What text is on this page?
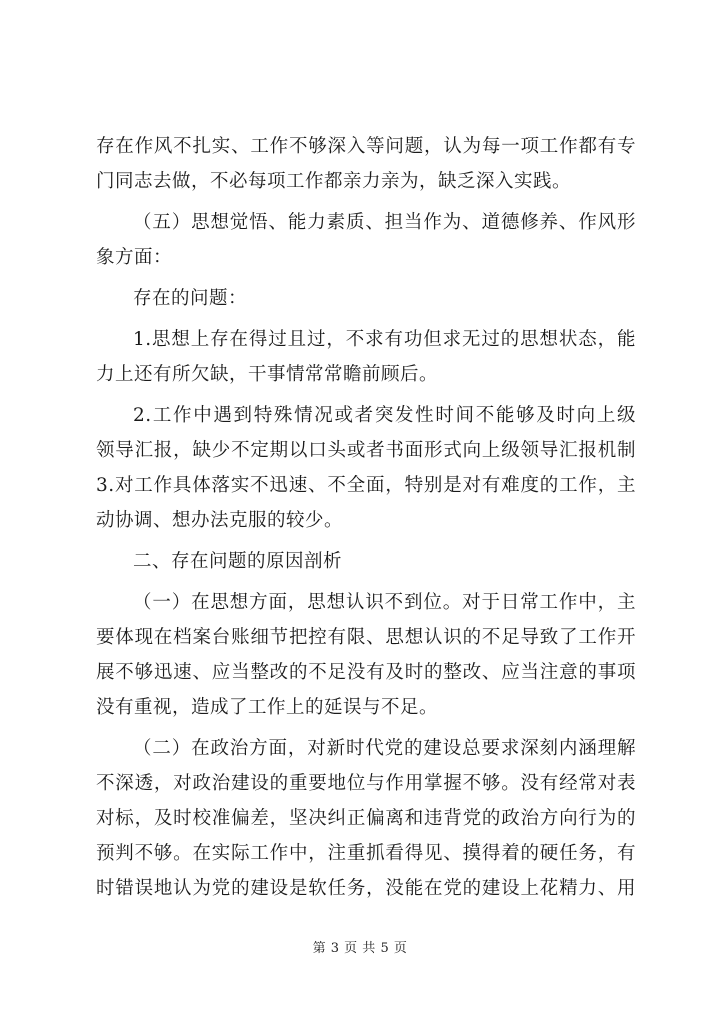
存在作风不扎实、工作不够深入等问题，认为每一项工作都有专
门同志去做，不必每项工作都亲力亲为，缺乏深入实践。
（五）思想觉悟、能力素质、担当作为、道德修养、作风形
象方面：
存在的问题：
1.思想上存在得过且过，不求有功但求无过的思想状态，能
力上还有所欠缺，干事情常常瞻前顾后。
2.工作中遇到特殊情况或者突发性时间不能够及时向上级
领导汇报，缺少不定期以口头或者书面形式向上级领导汇报机制
3.对工作具体落实不迅速、不全面，特别是对有难度的工作，主
动协调、想办法克服的较少。
二、存在问题的原因剖析
（一）在思想方面，思想认识不到位。对于日常工作中，主
要体现在档案台账细节把控有限、思想认识的不足导致了工作开
展不够迅速、应当整改的不足没有及时的整改、应当注意的事项
没有重视，造成了工作上的延误与不足。
（二）在政治方面，对新时代党的建设总要求深刻内涵理解
不深透，对政治建设的重要地位与作用掌握不够。没有经常对表
对标，及时校准偏差，坚决纠正偏离和违背党的政治方向行为的
预判不够。在实际工作中，注重抓看得见、摸得着的硬任务，有
时错误地认为党的建设是软任务，没能在党的建设上花精力、用
第 3 页 共 5 页
